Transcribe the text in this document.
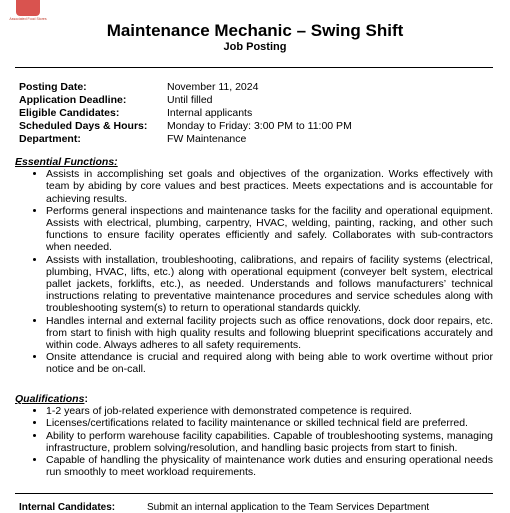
Associated Food Stores
Maintenance Mechanic – Swing Shift
Job Posting
Posting Date:	November 11, 2024
Application Deadline:	Until filled
Eligible Candidates:	Internal applicants
Scheduled Days & Hours:	Monday to Friday: 3:00 PM to 11:00 PM
Department:	FW Maintenance
Essential Functions:
• Assists in accomplishing set goals and objectives of the organization. Works effectively with team by abiding by core values and best practices. Meets expectations and is accountable for achieving results.
• Performs general inspections and maintenance tasks for the facility and operational equipment. Assists with electrical, plumbing, carpentry, HVAC, welding, painting, racking, and other such functions to ensure facility operates efficiently and safely. Collaborates with sub-contractors when needed.
• Assists with installation, troubleshooting, calibrations, and repairs of facility systems (electrical, plumbing, HVAC, lifts, etc.) along with operational equipment (conveyer belt system, electrical pallet jackets, forklifts, etc.), as needed. Understands and follows manufacturers’ technical instructions relating to preventative maintenance procedures and service schedules along with troubleshooting system(s) to return to operational standards quickly.
• Handles internal and external facility projects such as office renovations, dock door repairs, etc. from start to finish with high quality results and following blueprint specifications accurately and within code. Always adheres to all safety requirements.
• Onsite attendance is crucial and required along with being able to work overtime without prior notice and be on-call.
Qualifications:
• 1-2 years of job-related experience with demonstrated competence is required.
• Licenses/certifications related to facility maintenance or skilled technical field are preferred.
• Ability to perform warehouse facility capabilities. Capable of troubleshooting systems, managing infrastructure, problem solving/resolution, and handling basic projects from start to finish.
• Capable of handling the physicality of maintenance work duties and ensuring operational needs run smoothly to meet workload requirements.
Internal Candidates:	Submit an internal application to the Team Services Department
